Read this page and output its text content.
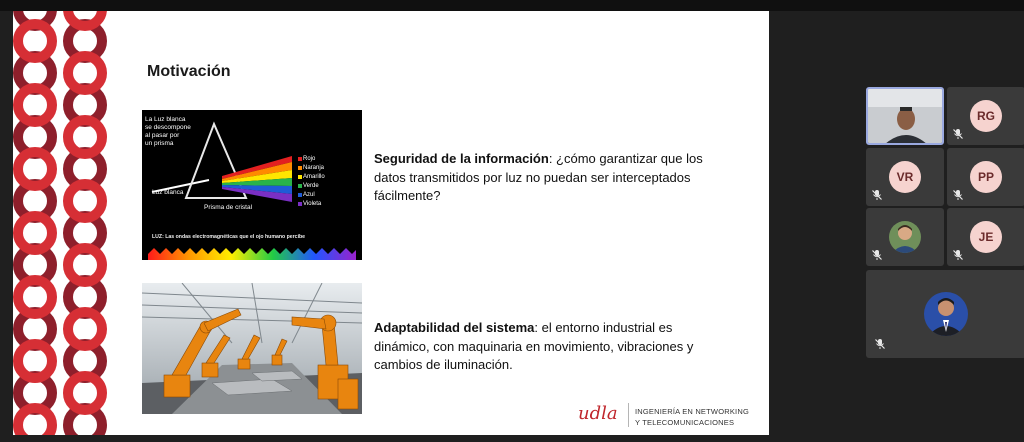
Motivación
La Luz blanca
se descompone
al pasar por
un prisma
Luz blanca
Prisma de cristal
Rojo
Naranja
Amarillo
Verde
Azul
Violeta
LUZ: Las ondas electromagnéticas que el ojo humano percibe
Seguridad de la información: ¿cómo garantizar que los datos transmitidos por luz no puedan ser interceptados fácilmente?
Adaptabilidad del sistema: el entorno industrial es dinámico, con maquinaria en movimiento, vibraciones y cambios de iluminación.
udla INGENIERÍA EN NETWORKING
Y TELECOMUNICACIONES
RG
VR	PP
JE
